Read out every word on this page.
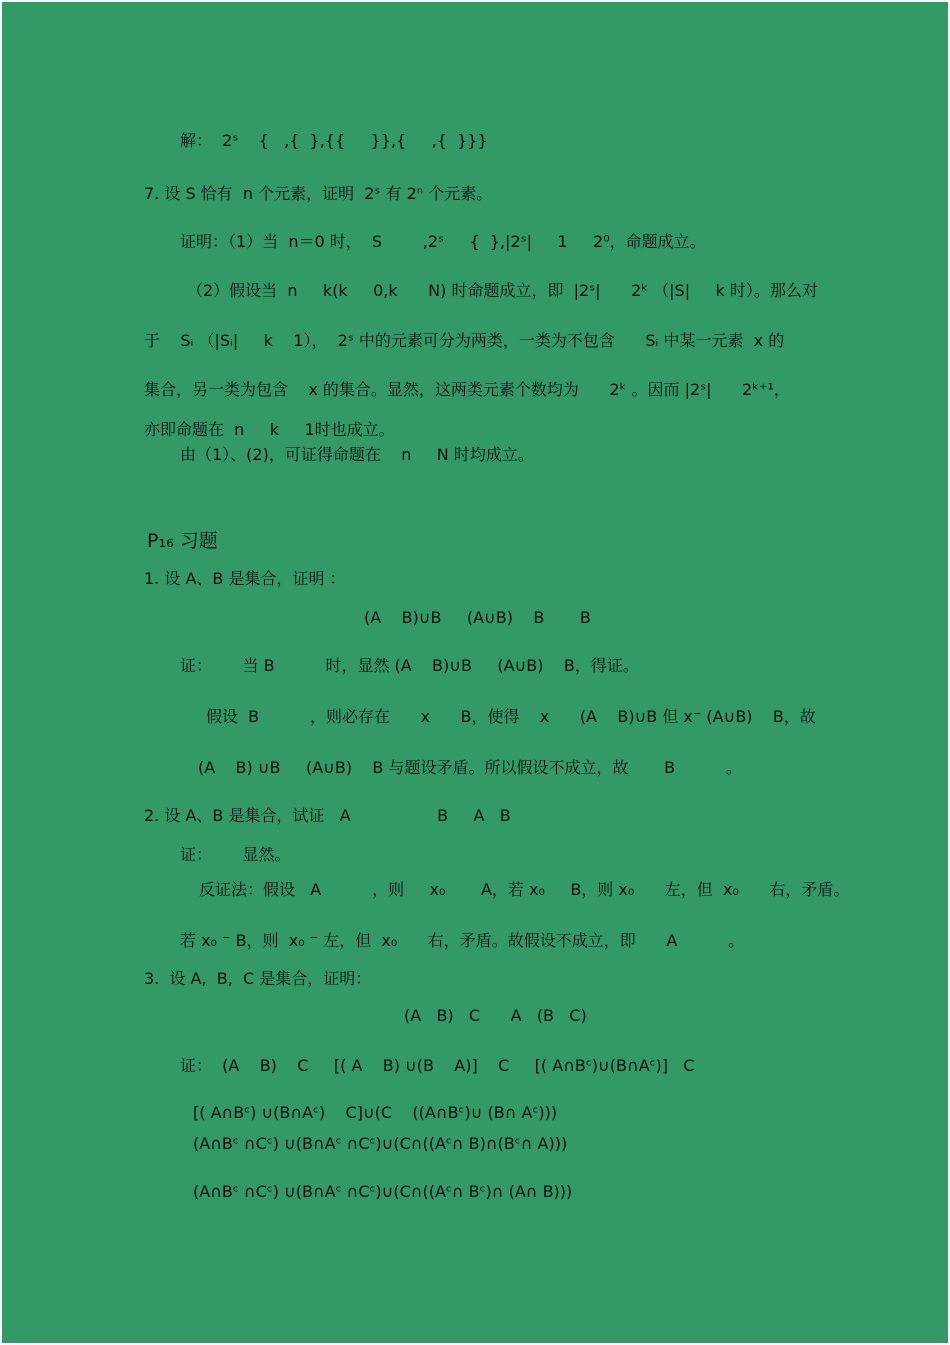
解：  2ˢ    {   ,{  },{{     }},{     ,{  }}}
7. 设 S 恰有  n 个元素，证明  2ˢ 有 2ⁿ 个元素。
证明：（1）当  n＝0 时，  S        ,2ˢ     {  },|2ˢ|     1     2⁰，命题成立。
（2）假设当  n     k(k     0,k      N) 时命题成立，即  |2ˢ|      2ᵏ （|S|     k 时）。那么对
于    Sᵢ （|Sᵢ|     k    1），  2ˢ 中的元素可分为两类，一类为不包含      Sᵢ 中某一元素  x 的
集合，另一类为包含    x 的集合。显然，这两类元素个数均为      2ᵏ 。因而 |2ˢ|      2ᵏ⁺¹，
亦即命题在  n     k     1时也成立。
由（1）、(2)，可证得命题在    n     N 时均成立。
P₁₆ 习题
1. 设 A、B 是集合，证明 ：
(A    B)∪B     (A∪B)    B       B
证：      当 B          时，显然 (A    B)∪B     (A∪B)    B，得证。
假设  B          ，则必存在      x      B，使得    x      (A    B)∪B 但 x⁻ (A∪B)    B，故
(A    B) ∪B     (A∪B)    B 与题设矛盾。所以假设不成立，故       B          。
2. 设 A、B 是集合，试证   A                 B     A   B
证：      显然。
反证法：假设   A          ，则     x₀       A，若 x₀     B，则 x₀      左，但  x₀      右，矛盾。
若 x₀ ⁻ B，则  x₀ ⁻ 左，但  x₀      右，矛盾。故假设不成立，即      A          。
3.  设 A,  B,  C 是集合，证明：
(A   B)   C      A   (B   C)
证：  (A    B)    C     [( A    B) ∪(B    A)]    C     [( A∩Bᶜ)∪(B∩Aᶜ)]   C
[( A∩Bᶜ) ∪(B∩Aᶜ)    C]∪(C    ((A∩Bᶜ)∪ (B∩ Aᶜ)))
(A∩Bᶜ ∩Cᶜ) ∪(B∩Aᶜ ∩Cᶜ)∪(C∩((Aᶜ∩ B)∩(Bᶜ∩ A)))
(A∩Bᶜ ∩Cᶜ) ∪(B∩Aᶜ ∩Cᶜ)∪(C∩((Aᶜ∩ Bᶜ)∩ (A∩ B)))
